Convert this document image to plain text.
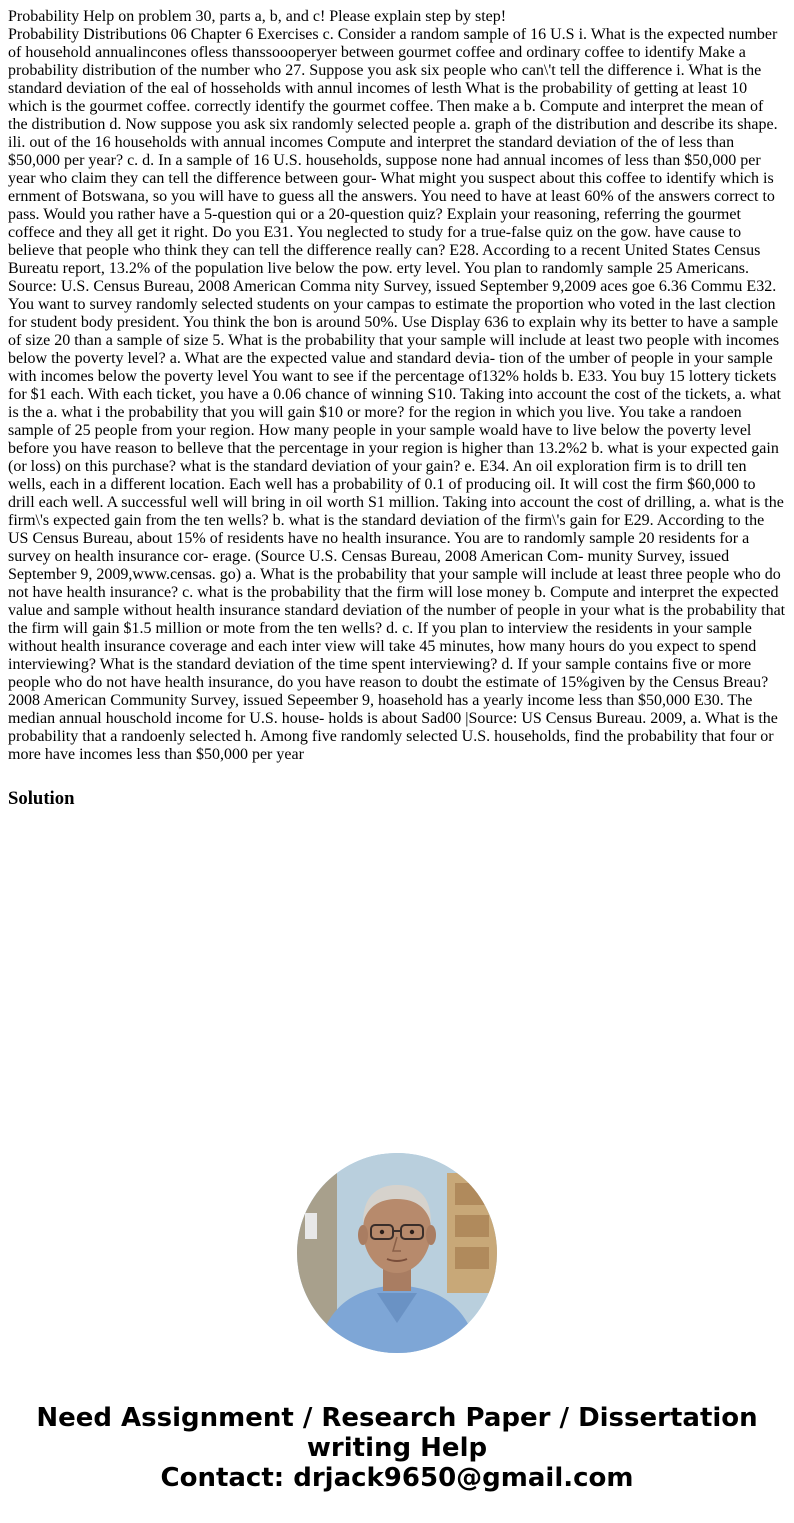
Probability Help on problem 30, parts a, b, and c! Please explain step by step!

Probability Distributions 06 Chapter 6 Exercises c. Consider a random sample of 16 U.S i. What is the expected number of household annualincones ofless thanssoooperyer between gourmet coffee and ordinary coffee to identify Make a probability distribution of the number who 27. Suppose you ask six people who can\'t tell the difference i. What is the standard deviation of the eal of hosseholds with annul incomes of lesth What is the probability of getting at least 10 which is the gourmet coffee. correctly identify the gourmet coffee. Then make a b. Compute and interpret the mean of the distribution d. Now suppose you ask six randomly selected people a. graph of the distribution and describe its shape. ili. out of the 16 households with annual incomes Compute and interpret the standard deviation of the of less than $50,000 per year? c. d. In a sample of 16 U.S. households, suppose none had annual incomes of less than $50,000 per year who claim they can tell the difference between gour- What might you suspect about this coffee to identify which is ernment of Botswana, so you will have to guess all the answers. You need to have at least 60% of the answers correct to pass. Would you rather have a 5-question qui or a 20-question quiz? Explain your reasoning, referring the gourmet coffece and they all get it right. Do you E31. You neglected to study for a true-false quiz on the gow. have cause to believe that people who think they can tell the difference really can? E28. According to a recent United States Census Bureatu report, 13.2% of the population live below the pow. erty level. You plan to randomly sample 25 Americans. Source: U.S. Census Bureau, 2008 American Comma nity Survey, issued September 9,2009 aces goe 6.36 Commu E32. You want to survey randomly selected students on your campas to estimate the proportion who voted in the last clection for student body president. You think the bon is around 50%. Use Display 636 to explain why its better to have a sample of size 20 than a sample of size 5. What is the probability that your sample will include at least two people with incomes below the poverty level? a. What are the expected value and standard devia- tion of the umber of people in your sample with incomes below the poverty level You want to see if the percentage of132% holds b. E33. You buy 15 lottery tickets for $1 each. With each ticket, you have a 0.06 chance of winning S10. Taking into account the cost of the tickets, a. what is the a. what i the probability that you will gain $10 or more? for the region in which you live. You take a randoen sample of 25 people from your region. How many people in your sample woald have to live below the poverty level before you have reason to belleve that the percentage in your region is higher than 13.2%2 b. what is your expected gain (or loss) on this purchase? what is the standard deviation of your gain? e. E34. An oil exploration firm is to drill ten wells, each in a different location. Each well has a probability of 0.1 of producing oil. It will cost the firm $60,000 to drill each well. A successful well will bring in oil worth S1 million. Taking into account the cost of drilling, a. what is the firm\'s expected gain from the ten wells? b. what is the standard deviation of the firm\'s gain for E29. According to the US Census Bureau, about 15% of residents have no health insurance. You are to randomly sample 20 residents for a survey on health insurance cor- erage. (Source U.S. Censas Bureau, 2008 American Com- munity Survey, issued September 9, 2009,www.censas. go) a. What is the probability that your sample will include at least three people who do not have health insurance? c. what is the probability that the firm will lose money b. Compute and interpret the expected value and sample without health insurance standard deviation of the number of people in your what is the probability that the firm will gain $1.5 million or mote from the ten wells? d. c. If you plan to interview the residents in your sample without health insurance coverage and each inter view will take 45 minutes, how many hours do you expect to spend interviewing? What is the standard deviation of the time spent interviewing? d. If your sample contains five or more people who do not have health insurance, do you have reason to doubt the estimate of 15%given by the Census Breau? 2008 American Community Survey, issued Sepeember 9, hoasehold has a yearly income less than $50,000 E30. The median annual houschold income for U.S. house- holds is about Sad00 |Source: US Census Bureau. 2009, a. What is the probability that a randoenly selected h. Among five randomly selected U.S. households, find the probability that four or more have incomes less than $50,000 per year

Solution
Need Assignment / Research Paper / Dissertation
writing Help
Contact: drjack9650@gmail.com
